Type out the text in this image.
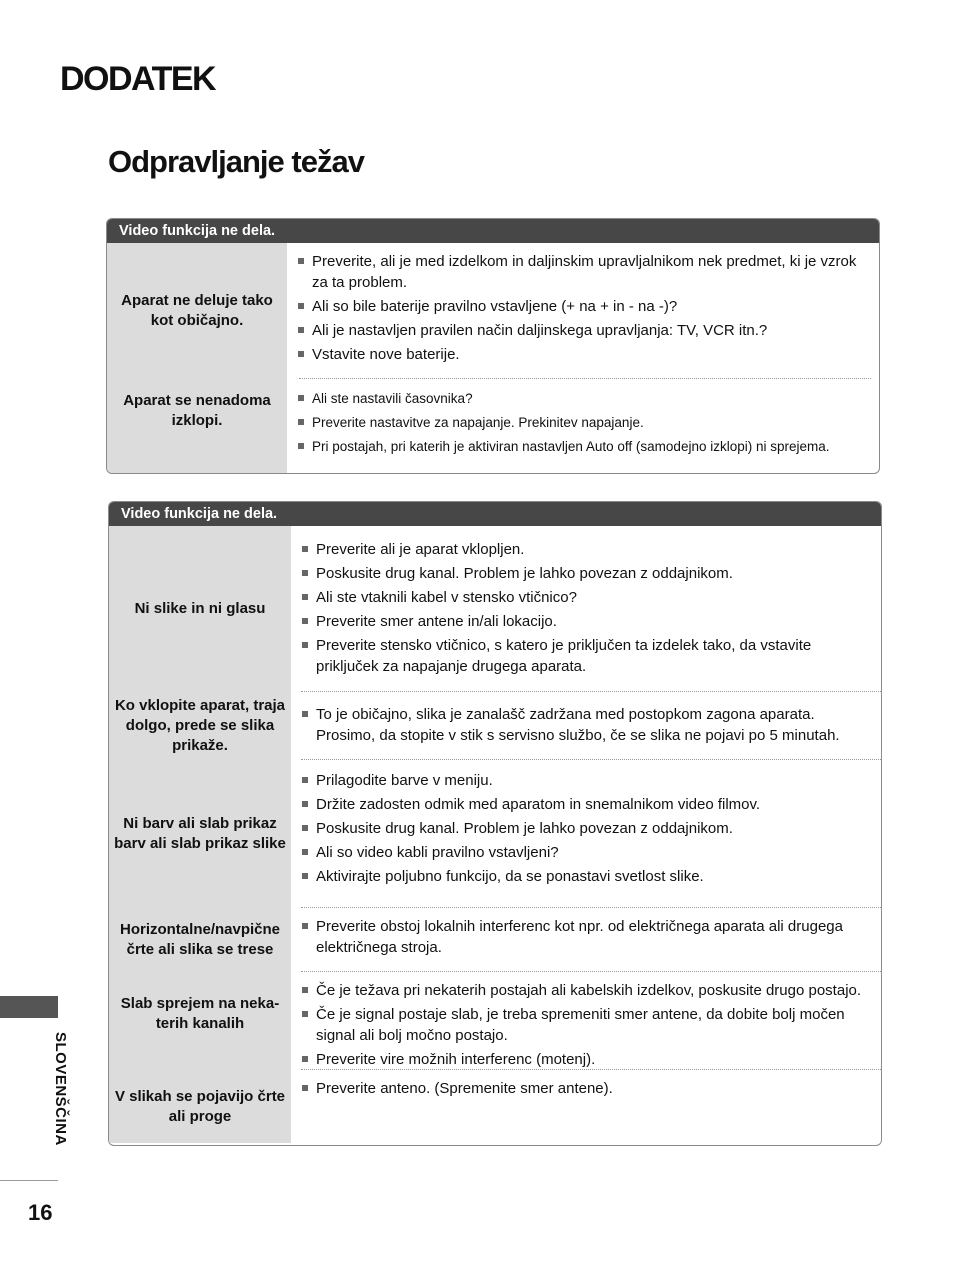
DODATEK
Odpravljanje težav
Video funkcija ne dela.
Aparat ne deluje tako kot običajno.
Preverite, ali je med izdelkom in daljinskim upravljalnikom nek predmet, ki je vzrok za ta problem.
Ali so bile baterije pravilno vstavljene (+ na + in - na -)?
Ali je nastavljen pravilen način daljinskega upravljanja: TV, VCR itn.?
Vstavite nove baterije.
Aparat se nenadoma izklopi.
Ali ste nastavili časovnika?
Preverite nastavitve za napajanje. Prekinitev napajanje.
Pri postajah, pri katerih je aktiviran nastavljen Auto off (samodejno izklopi) ni sprejema.
Video funkcija ne dela.
Ni slike in ni glasu
Preverite ali je aparat vklopljen.
Poskusite drug kanal. Problem je lahko povezan z oddajnikom.
Ali ste vtaknili kabel v stensko vtičnico?
Preverite smer antene in/ali lokacijo.
Preverite stensko vtičnico, s katero je priključen ta izdelek tako, da vstavite priključek za napajanje drugega aparata.
Ko vklopite aparat, traja dolgo, prede se slika prikaže.
To je običajno, slika je zanalašč zadržana med postopkom zagona aparata. Prosimo, da stopite v stik s servisno službo, če se slika ne pojavi po 5 minutah.
Ni barv ali slab prikaz barv ali slab prikaz slike
Prilagodite barve v meniju.
Držite zadosten odmik med aparatom in snemalnikom video filmov.
Poskusite drug kanal. Problem je lahko povezan z oddajnikom.
Ali so video kabli pravilno vstavljeni?
Aktivirajte poljubno funkcijo, da se ponastavi svetlost slike.
Horizontalne/navpične črte ali slika se trese
Preverite obstoj lokalnih interferenc kot npr. od električnega aparata ali drugega električnega stroja.
Slab sprejem na neka-terih kanalih
Če je težava pri nekaterih postajah ali kabelskih izdelkov, poskusite drugo postajo.
Če je signal postaje slab, je treba spremeniti smer antene, da dobite bolj močen signal ali bolj močno postajo.
Preverite vire možnih interferenc (motenj).
V slikah se pojavijo črte ali proge
Preverite anteno. (Spremenite smer antene).
SLOVENŠČINA
16
